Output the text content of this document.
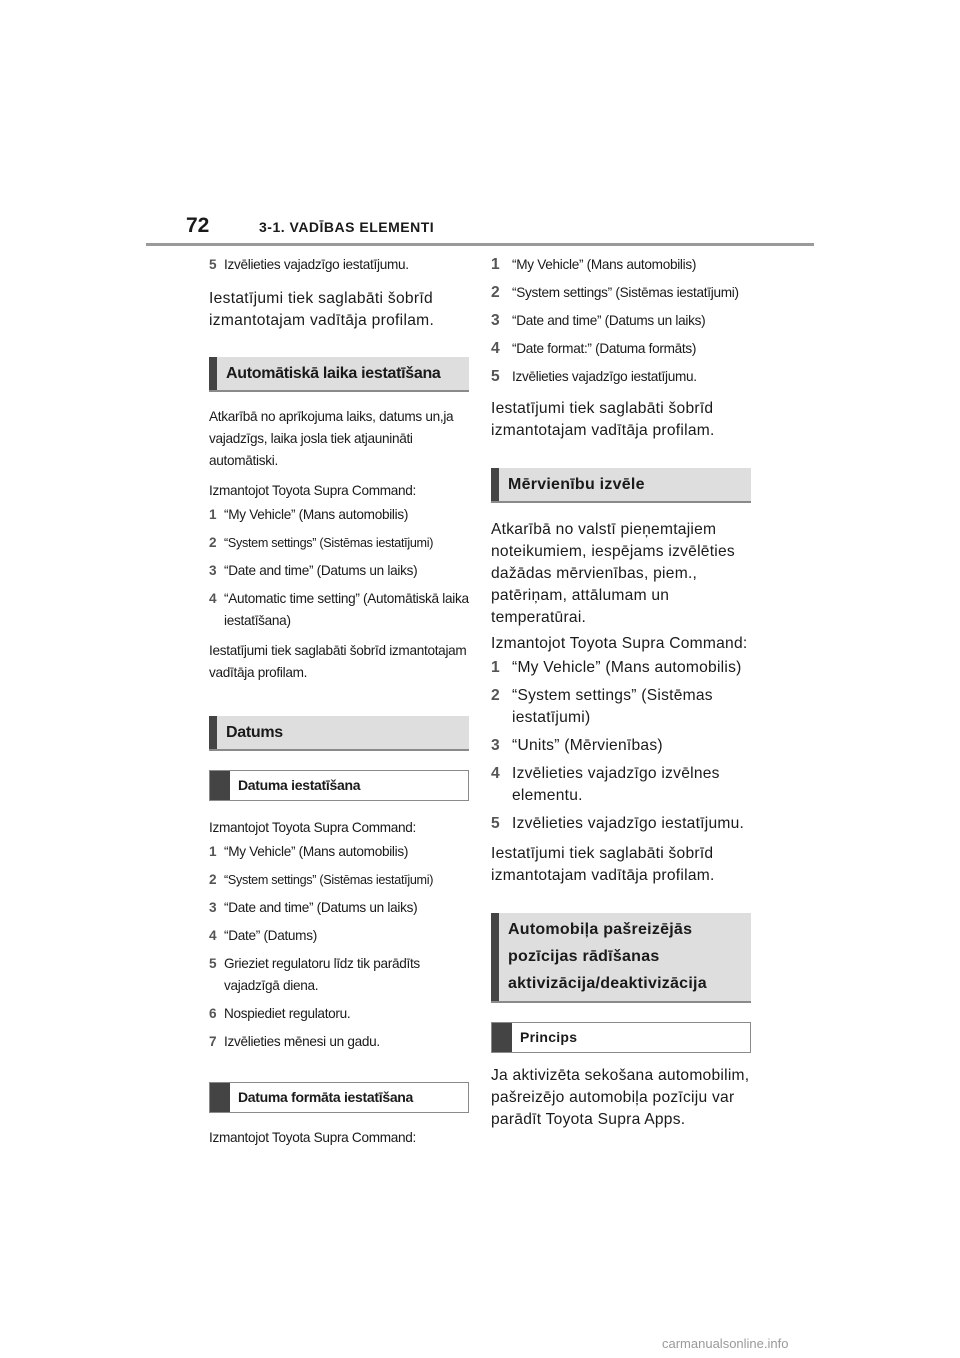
72	3-1. VADĪBAS ELEMENTI
5 Izvēlieties vajadzīgo iestatījumu.
Iestatījumi tiek saglabāti šobrīd izmantotajam vadītāja profilam.
Automātiskā laika iestatīšana
Atkarībā no aprīkojuma laiks, datums un,ja vajadzīgs, laika josla tiek atjaunināti automātiski.
Izmantojot Toyota Supra Command:
1 “My Vehicle” (Mans automobilis)
2 “System settings” (Sistēmas iestatījumi)
3 “Date and time” (Datums un laiks)
4 “Automatic time setting” (Automātiskā laika iestatīšana)
Iestatījumi tiek saglabāti šobrīd izmantotajam vadītāja profilam.
Datums
Datuma iestatīšana
Izmantojot Toyota Supra Command:
1 “My Vehicle” (Mans automobilis)
2 “System settings” (Sistēmas iestatījumi)
3 “Date and time” (Datums un laiks)
4 “Date” (Datums)
5 Grieziet regulatoru līdz tik parādīts vajadzīgā diena.
6 Nospiediet regulatoru.
7 Izvēlieties mēnesi un gadu.
Datuma formāta iestatīšana
Izmantojot Toyota Supra Command:
1 “My Vehicle” (Mans automobilis)
2 “System settings” (Sistēmas iestatījumi)
3 “Date and time” (Datums un laiks)
4 “Date format:” (Datuma formāts)
5 Izvēlieties vajadzīgo iestatījumu.
Iestatījumi tiek saglabāti šobrīd izmantotajam vadītāja profilam.
Mērvienību izvēle
Atkarībā no valstī pieņemtajiem noteikumiem, iespējams izvēlēties dažādas mērvienības, piem., patēriņam, attālumam un temperatūrai.
Izmantojot Toyota Supra Command:
1 “My Vehicle” (Mans automobilis)
2 “System settings” (Sistēmas iestatījumi)
3 “Units” (Mērvienības)
4 Izvēlieties vajadzīgo izvēlnes elementu.
5 Izvēlieties vajadzīgo iestatījumu.
Iestatījumi tiek saglabāti šobrīd izmantotajam vadītāja profilam.
Automobiļa pašreizējās pozīcijas rādīšanas aktivizācija/deaktivizācija
Princips
Ja aktivizēta sekošana automobilim, pašreizējo automobiļa pozīciju var parādīt Toyota Supra Apps.
carmanualsonline.info
